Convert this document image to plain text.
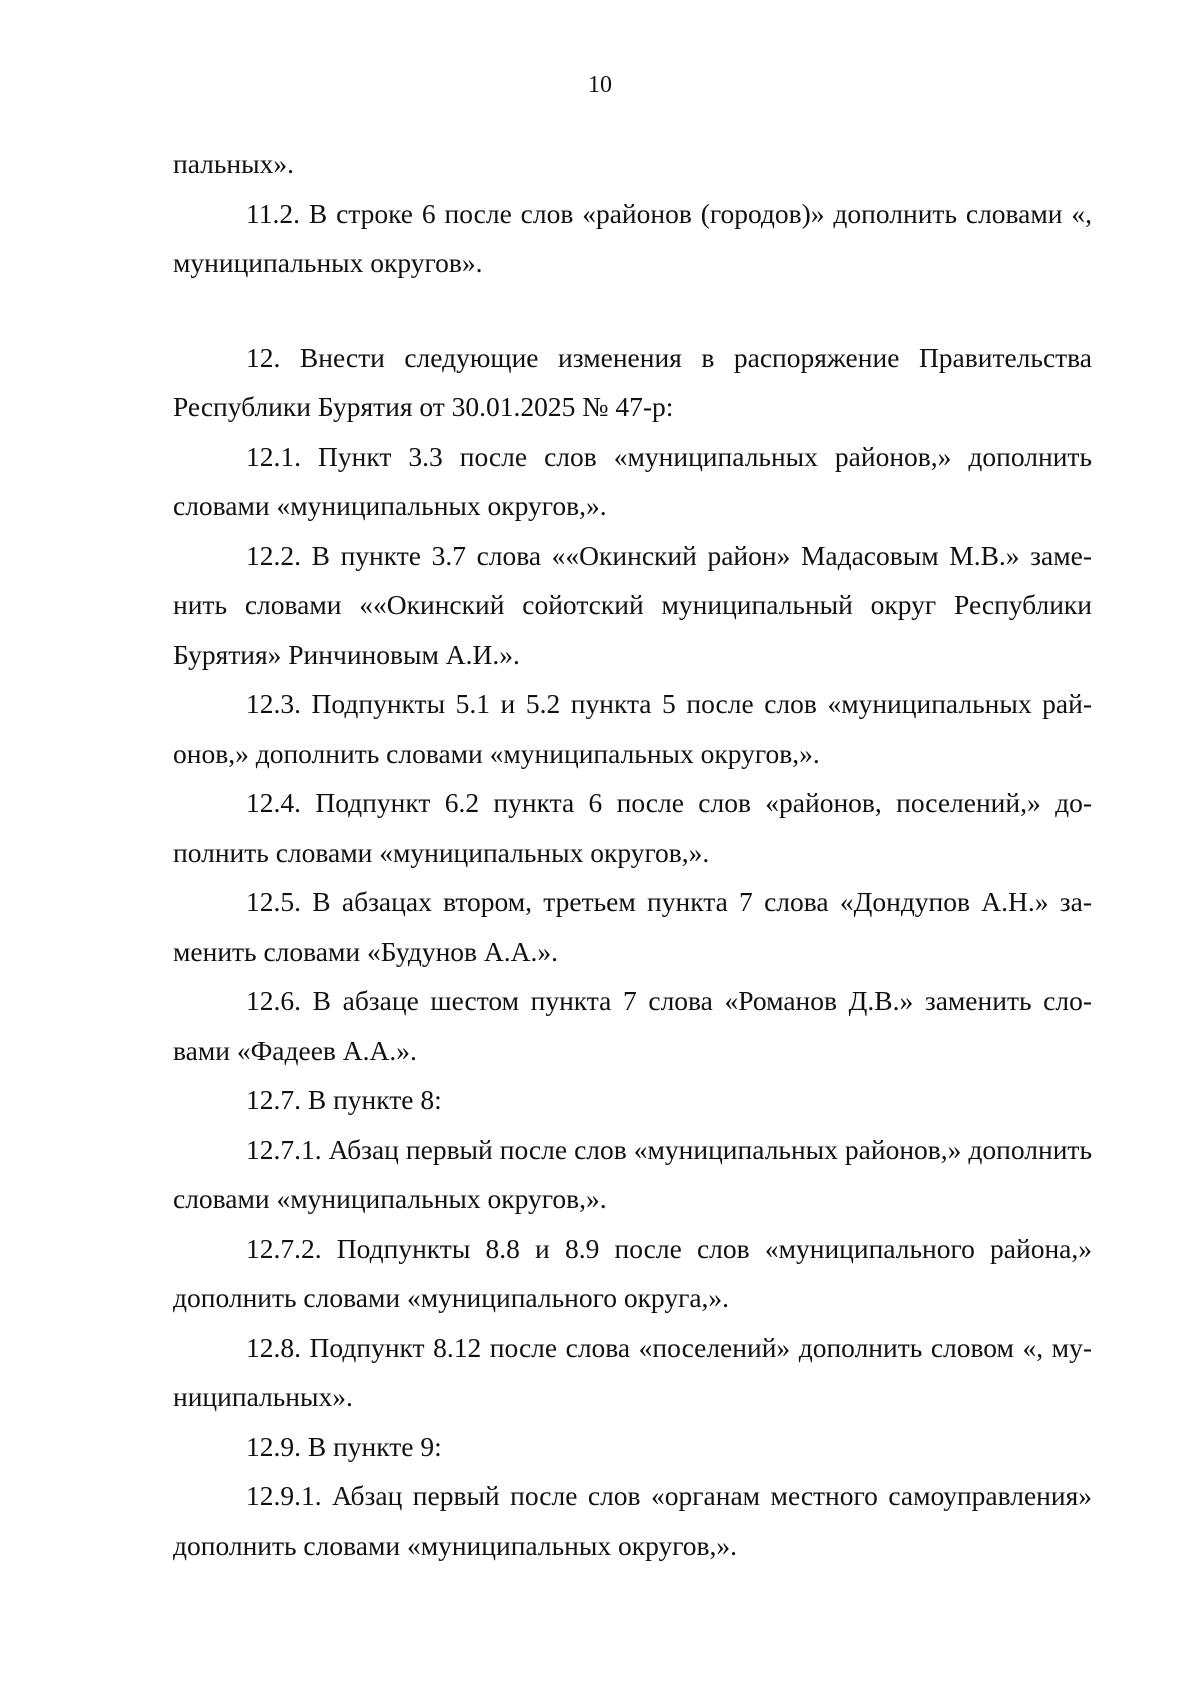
10

пальных».

11.2. В строке 6 после слов «районов (городов)» дополнить словами «, муниципальных округов».

12. Внести следующие изменения в распоряжение Правительства Республики Бурятия от 30.01.2025 № 47-р:

12.1. Пункт 3.3 после слов «муниципальных районов,» дополнить словами «муниципальных округов,».

12.2. В пункте 3.7 слова ««Окинский район» Мадасовым М.В.» заменить словами ««Окинский сойотский муниципальный округ Республики Бурятия» Ринчиновым А.И.».

12.3. Подпункты 5.1 и 5.2 пункта 5 после слов «муниципальных районов,» дополнить словами «муниципальных округов,».

12.4. Подпункт 6.2 пункта 6 после слов «районов, поселений,» дополнить словами «муниципальных округов,».

12.5. В абзацах втором, третьем пункта 7 слова «Дондупов А.Н.» заменить словами «Будунов А.А.».

12.6. В абзаце шестом пункта 7 слова «Романов Д.В.» заменить словами «Фадеев А.А.».

12.7. В пункте 8:

12.7.1. Абзац первый после слов «муниципальных районов,» дополнить словами «муниципальных округов,».

12.7.2. Подпункты 8.8 и 8.9 после слов «муниципального района,» дополнить словами «муниципального округа,».

12.8. Подпункт 8.12 после слова «поселений» дополнить словом «, муниципальных».

12.9. В пункте 9:

12.9.1. Абзац первый после слов «органам местного самоуправления» дополнить словами «муниципальных округов,».
